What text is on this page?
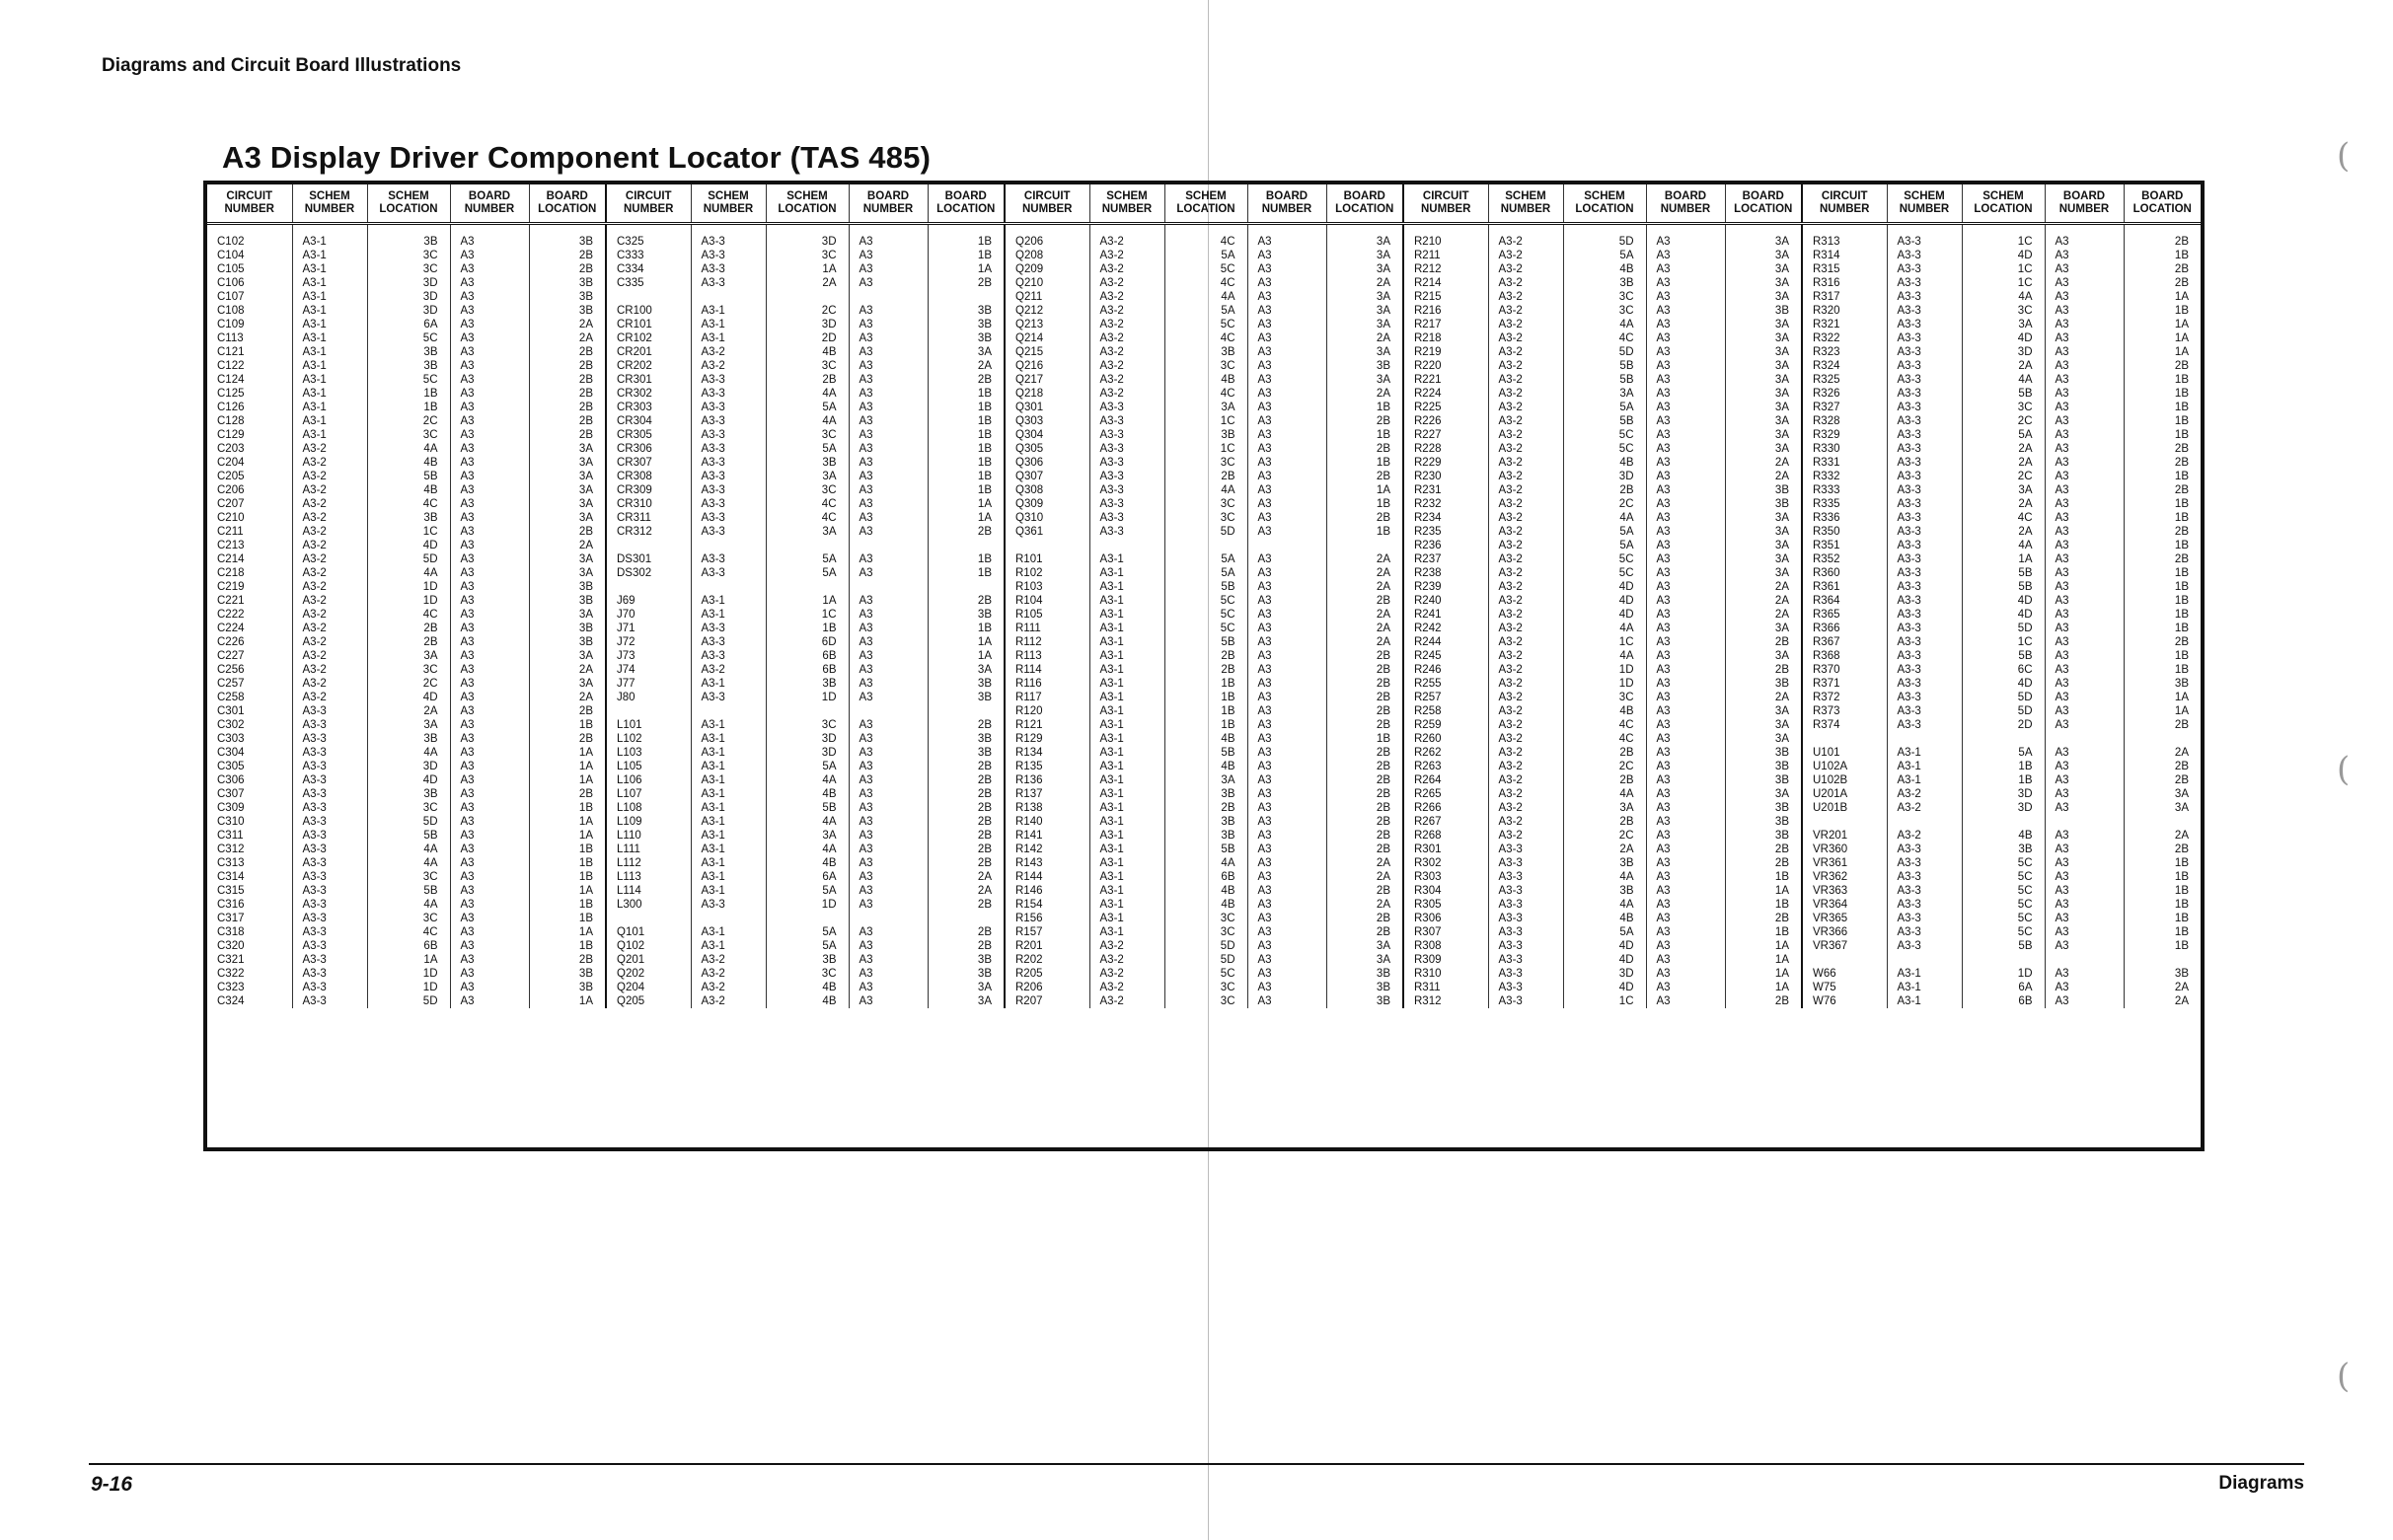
(
(
(
Diagrams and Circuit Board Illustrations
A3 Display Driver Component Locator (TAS 485)
CIRCUIT NUMBER	SCHEM NUMBER	SCHEM LOCATION	BOARD NUMBER	BOARD LOCATION	CIRCUIT NUMBER	SCHEM NUMBER	SCHEM LOCATION	BOARD NUMBER	BOARD LOCATION	CIRCUIT NUMBER	SCHEM NUMBER	SCHEM LOCATION	BOARD NUMBER	BOARD LOCATION	CIRCUIT NUMBER	SCHEM NUMBER	SCHEM LOCATION	BOARD NUMBER	BOARD LOCATION	CIRCUIT NUMBER	SCHEM NUMBER	SCHEM LOCATION	BOARD NUMBER	BOARD LOCATION

C102	A3-1	3B	A3	3B	C325	A3-3	3D	A3	1B	Q206	A3-2	4C	A3	3A	R210	A3-2	5D	A3	3A	R313	A3-3	1C	A3	2B
C104	A3-1	3C	A3	2B	C333	A3-3	3C	A3	1B	Q208	A3-2	5A	A3	3A	R211	A3-2	5A	A3	3A	R314	A3-3	4D	A3	1B
C105	A3-1	3C	A3	2B	C334	A3-3	1A	A3	1A	Q209	A3-2	5C	A3	3A	R212	A3-2	4B	A3	3A	R315	A3-3	1C	A3	2B
C106	A3-1	3D	A3	3B	C335	A3-3	2A	A3	2B	Q210	A3-2	4C	A3	2A	R214	A3-2	3B	A3	3A	R316	A3-3	1C	A3	2B
C107	A3-1	3D	A3	3B						Q211	A3-2	4A	A3	3A	R215	A3-2	3C	A3	3A	R317	A3-3	4A	A3	1A
C108	A3-1	3D	A3	3B	CR100	A3-1	2C	A3	3B	Q212	A3-2	5A	A3	3A	R216	A3-2	3C	A3	3B	R320	A3-3	3C	A3	1B
C109	A3-1	6A	A3	2A	CR101	A3-1	3D	A3	3B	Q213	A3-2	5C	A3	3A	R217	A3-2	4A	A3	3A	R321	A3-3	3A	A3	1A
C113	A3-1	5C	A3	2A	CR102	A3-1	2D	A3	3B	Q214	A3-2	4C	A3	2A	R218	A3-2	4C	A3	3A	R322	A3-3	4D	A3	1A
C121	A3-1	3B	A3	2B	CR201	A3-2	4B	A3	3A	Q215	A3-2	3B	A3	3A	R219	A3-2	5D	A3	3A	R323	A3-3	3D	A3	1A
C122	A3-1	3B	A3	2B	CR202	A3-2	3C	A3	2A	Q216	A3-2	3C	A3	3B	R220	A3-2	5B	A3	3A	R324	A3-3	2A	A3	2B
C124	A3-1	5C	A3	2B	CR301	A3-3	2B	A3	2B	Q217	A3-2	4B	A3	3A	R221	A3-2	5B	A3	3A	R325	A3-3	4A	A3	1B
C125	A3-1	1B	A3	2B	CR302	A3-3	4A	A3	1B	Q218	A3-2	4C	A3	2A	R224	A3-2	3A	A3	3A	R326	A3-3	5B	A3	1B
C126	A3-1	1B	A3	2B	CR303	A3-3	5A	A3	1B	Q301	A3-3	3A	A3	1B	R225	A3-2	5A	A3	3A	R327	A3-3	3C	A3	1B
C128	A3-1	2C	A3	2B	CR304	A3-3	4A	A3	1B	Q303	A3-3	1C	A3	2B	R226	A3-2	5B	A3	3A	R328	A3-3	2C	A3	1B
C129	A3-1	3C	A3	2B	CR305	A3-3	3C	A3	1B	Q304	A3-3	3B	A3	1B	R227	A3-2	5C	A3	3A	R329	A3-3	5A	A3	1B
C203	A3-2	4A	A3	3A	CR306	A3-3	5A	A3	1B	Q305	A3-3	1C	A3	2B	R228	A3-2	5C	A3	3A	R330	A3-3	2A	A3	2B
C204	A3-2	4B	A3	3A	CR307	A3-3	3B	A3	1B	Q306	A3-3	3C	A3	1B	R229	A3-2	4B	A3	2A	R331	A3-3	2A	A3	2B
C205	A3-2	5B	A3	3A	CR308	A3-3	3A	A3	1B	Q307	A3-3	2B	A3	2B	R230	A3-2	3D	A3	2A	R332	A3-3	2C	A3	1B
C206	A3-2	4B	A3	3A	CR309	A3-3	3C	A3	1B	Q308	A3-3	4A	A3	1A	R231	A3-2	2B	A3	3B	R333	A3-3	3A	A3	2B
C207	A3-2	4C	A3	3A	CR310	A3-3	4C	A3	1A	Q309	A3-3	3C	A3	1B	R232	A3-2	2C	A3	3B	R335	A3-3	2A	A3	1B
C210	A3-2	3B	A3	3A	CR311	A3-3	4C	A3	1A	Q310	A3-3	3C	A3	2B	R234	A3-2	4A	A3	3A	R336	A3-3	4C	A3	1B
C211	A3-2	1C	A3	2B	CR312	A3-3	3A	A3	2B	Q361	A3-3	5D	A3	1B	R235	A3-2	5A	A3	3A	R350	A3-3	2A	A3	2B
C213	A3-2	4D	A3	2A											R236	A3-2	5A	A3	3A	R351	A3-3	4A	A3	1B
C214	A3-2	5D	A3	3A	DS301	A3-3	5A	A3	1B	R101	A3-1	5A	A3	2A	R237	A3-2	5C	A3	3A	R352	A3-3	1A	A3	2B
C218	A3-2	4A	A3	3A	DS302	A3-3	5A	A3	1B	R102	A3-1	5A	A3	2A	R238	A3-2	5C	A3	3A	R360	A3-3	5B	A3	1B
C219	A3-2	1D	A3	3B						R103	A3-1	5B	A3	2A	R239	A3-2	4D	A3	2A	R361	A3-3	5B	A3	1B
C221	A3-2	1D	A3	3B	J69	A3-1	1A	A3	2B	R104	A3-1	5C	A3	2B	R240	A3-2	4D	A3	2A	R364	A3-3	4D	A3	1B
C222	A3-2	4C	A3	3A	J70	A3-1	1C	A3	3B	R105	A3-1	5C	A3	2A	R241	A3-2	4D	A3	2A	R365	A3-3	4D	A3	1B
C224	A3-2	2B	A3	3B	J71	A3-3	1B	A3	1B	R111	A3-1	5C	A3	2A	R242	A3-2	4A	A3	3A	R366	A3-3	5D	A3	1B
C226	A3-2	2B	A3	3B	J72	A3-3	6D	A3	1A	R112	A3-1	5B	A3	2A	R244	A3-2	1C	A3	2B	R367	A3-3	1C	A3	2B
C227	A3-2	3A	A3	3A	J73	A3-3	6B	A3	1A	R113	A3-1	2B	A3	2B	R245	A3-2	4A	A3	3A	R368	A3-3	5B	A3	1B
C256	A3-2	3C	A3	2A	J74	A3-2	6B	A3	3A	R114	A3-1	2B	A3	2B	R246	A3-2	1D	A3	2B	R370	A3-3	6C	A3	1B
C257	A3-2	2C	A3	3A	J77	A3-1	3B	A3	3B	R116	A3-1	1B	A3	2B	R255	A3-2	1D	A3	3B	R371	A3-3	4D	A3	3B
C258	A3-2	4D	A3	2A	J80	A3-3	1D	A3	3B	R117	A3-1	1B	A3	2B	R257	A3-2	3C	A3	2A	R372	A3-3	5D	A3	1A
C301	A3-3	2A	A3	2B						R120	A3-1	1B	A3	2B	R258	A3-2	4B	A3	3A	R373	A3-3	5D	A3	1A
C302	A3-3	3A	A3	1B	L101	A3-1	3C	A3	2B	R121	A3-1	1B	A3	2B	R259	A3-2	4C	A3	3A	R374	A3-3	2D	A3	2B
C303	A3-3	3B	A3	2B	L102	A3-1	3D	A3	3B	R129	A3-1	4B	A3	1B	R260	A3-2	4C	A3	3A					
C304	A3-3	4A	A3	1A	L103	A3-1	3D	A3	3B	R134	A3-1	5B	A3	2B	R262	A3-2	2B	A3	3B	U101	A3-1	5A	A3	2A
C305	A3-3	3D	A3	1A	L105	A3-1	5A	A3	2B	R135	A3-1	4B	A3	2B	R263	A3-2	2C	A3	3B	U102A	A3-1	1B	A3	2B
C306	A3-3	4D	A3	1A	L106	A3-1	4A	A3	2B	R136	A3-1	3A	A3	2B	R264	A3-2	2B	A3	3B	U102B	A3-1	1B	A3	2B
C307	A3-3	3B	A3	2B	L107	A3-1	4B	A3	2B	R137	A3-1	3B	A3	2B	R265	A3-2	4A	A3	3A	U201A	A3-2	3D	A3	3A
C309	A3-3	3C	A3	1B	L108	A3-1	5B	A3	2B	R138	A3-1	2B	A3	2B	R266	A3-2	3A	A3	3B	U201B	A3-2	3D	A3	3A
C310	A3-3	5D	A3	1A	L109	A3-1	4A	A3	2B	R140	A3-1	3B	A3	2B	R267	A3-2	2B	A3	3B					
C311	A3-3	5B	A3	1A	L110	A3-1	3A	A3	2B	R141	A3-1	3B	A3	2B	R268	A3-2	2C	A3	3B	VR201	A3-2	4B	A3	2A
C312	A3-3	4A	A3	1B	L111	A3-1	4A	A3	2B	R142	A3-1	5B	A3	2B	R301	A3-3	2A	A3	2B	VR360	A3-3	3B	A3	2B
C313	A3-3	4A	A3	1B	L112	A3-1	4B	A3	2B	R143	A3-1	4A	A3	2A	R302	A3-3	3B	A3	2B	VR361	A3-3	5C	A3	1B
C314	A3-3	3C	A3	1B	L113	A3-1	6A	A3	2A	R144	A3-1	6B	A3	2A	R303	A3-3	4A	A3	1B	VR362	A3-3	5C	A3	1B
C315	A3-3	5B	A3	1A	L114	A3-1	5A	A3	2A	R146	A3-1	4B	A3	2B	R304	A3-3	3B	A3	1A	VR363	A3-3	5C	A3	1B
C316	A3-3	4A	A3	1B	L300	A3-3	1D	A3	2B	R154	A3-1	4B	A3	2A	R305	A3-3	4A	A3	1B	VR364	A3-3	5C	A3	1B
C317	A3-3	3C	A3	1B						R156	A3-1	3C	A3	2B	R306	A3-3	4B	A3	2B	VR365	A3-3	5C	A3	1B
C318	A3-3	4C	A3	1A	Q101	A3-1	5A	A3	2B	R157	A3-1	3C	A3	2B	R307	A3-3	5A	A3	1B	VR366	A3-3	5C	A3	1B
C320	A3-3	6B	A3	1B	Q102	A3-1	5A	A3	2B	R201	A3-2	5D	A3	3A	R308	A3-3	4D	A3	1A	VR367	A3-3	5B	A3	1B
C321	A3-3	1A	A3	2B	Q201	A3-2	3B	A3	3B	R202	A3-2	5D	A3	3A	R309	A3-3	4D	A3	1A					
C322	A3-3	1D	A3	3B	Q202	A3-2	3C	A3	3B	R205	A3-2	5C	A3	3B	R310	A3-3	3D	A3	1A	W66	A3-1	1D	A3	3B
C323	A3-3	1D	A3	3B	Q204	A3-2	4B	A3	3A	R206	A3-2	3C	A3	3B	R311	A3-3	4D	A3	1A	W75	A3-1	6A	A3	2A
C324	A3-3	5D	A3	1A	Q205	A3-2	4B	A3	3A	R207	A3-2	3C	A3	3B	R312	A3-3	1C	A3	2B	W76	A3-1	6B	A3	2A
9-16	Diagrams
